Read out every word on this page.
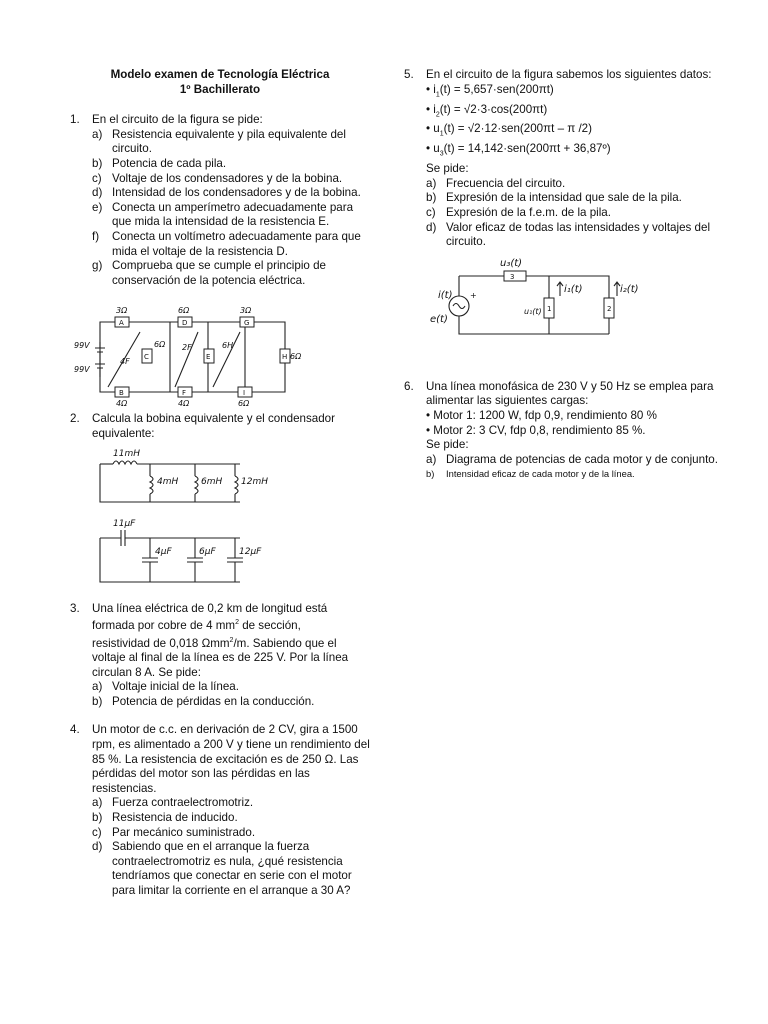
Modelo examen de Tecnología Eléctrica
1º Bachillerato
1.	En el circuito de la figura se pide:
a) Resistencia equivalente y pila equivalente del circuito.
b) Potencia de cada pila.
c) Voltaje de los condensadores y de la bobina.
d) Intensidad de los condensadores y de la bobina.
e) Conecta un amperímetro adecuadamente para que mida la intensidad de la resistencia E.
f)	Conecta un voltímetro adecuadamente para que mida el voltaje de la resistencia D.
g) Comprueba que se cumple el principio de conservación de la potencia eléctrica.
A	D	G
B	F	I
C	E	H
3Ω	6Ω	3Ω
4Ω	4Ω	6Ω
6Ω
6Ω
4F
2F	6H
99V
99V
2.	Calcula la bobina equivalente y el condensador equivalente:
11mH
4mH	6mH 12mH
11μF
4μF	6μF	12μF
3.	Una línea eléctrica de 0,2 km de longitud está
formada por cobre de 4 $mm^2$ de sección,
resistividad de 0,018 Ωmm$^2$/m. Sabiendo que el
voltaje al final de la línea es de 225 V. Por la línea
circulan 8 A. Se pide:
a) Voltaje inicial de la línea.
b) Potencia de pérdidas en la conducción.
4.	Un motor de c.c. en derivación de 2 CV, gira a 1500 rpm, es alimentado a 200 V y tiene un rendimiento del 85 %. La resistencia de excitación es de 250 Ω. Las pérdidas del motor son las pérdidas en las resistencias.
a) Fuerza contraelectromotriz.
b) Resistencia de inducido.
c) Par mecánico suministrado.
d) Sabiendo que en el arranque la fuerza contraelectromotriz es nula, ¿qué resistencia tendríamos que conectar en serie con el motor para limitar la corriente en el arranque a 30 A?
5.	En el circuito de la figura sabemos los siguientes datos:
• $i_1(t) = 5,657\cdot sen(200\pi t)$
• $i_2(t) = √2\cdot 3\cdot\cos(200\pi t)$
• $u_1(t) = √2\cdot 12\cdot sen(200\pi t - \pi$ /2)
• $u_3(t) = 14,142\cdot sen(200\pi t$ + 36,87º)
Se pide:
a) Frecuencia del circuito.
b) Expresión de la intensidad que sale de la pila.
c) Expresión de la f.e.m. de la pila.
d) Valor eficaz de todas las intensidades y voltajes del circuito.
3
1	2
u₃(t)
i(t)
e(t)
i₁(t)	i₂(t)
u₁(t)
+
6.	Una línea monofásica de 230 V y 50 Hz se emplea para alimentar las siguientes cargas:
• Motor 1: 1200 W, fdp 0,9, rendimiento 80 %
• Motor 2: 3 CV, fdp 0,8, rendimiento 85 %.
Se pide:
a) Diagrama de potencias de cada motor y de conjunto.
b)	Intensidad eficaz de cada motor y de la línea.
